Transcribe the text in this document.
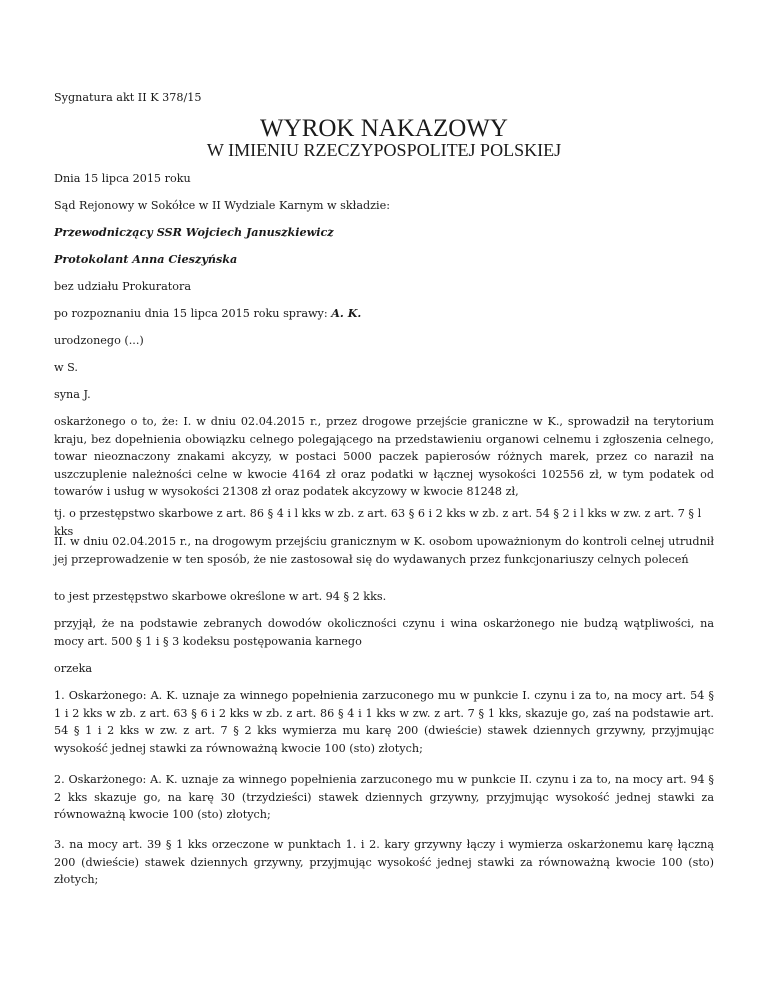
Sygnatura akt II K 378/15
WYROK NAKAZOWY
W IMIENIU RZECZYPOSPOLITEJ POLSKIEJ
Dnia 15 lipca 2015 roku
Sąd Rejonowy w Sokółce w II Wydziale Karnym w składzie:
Przewodniczący SSR Wojciech Januszkiewicz
Protokolant Anna Cieszyńska
bez udziału Prokuratora
po rozpoznaniu dnia 15 lipca 2015 roku sprawy: A. K.
urodzonego (...)
w S.
syna J.
oskarżonego o to, że: I. w dniu 02.04.2015 r., przez drogowe przejście graniczne w K., sprowadził na terytorium kraju, bez dopełnienia obowiązku celnego polegającego na przedstawieniu organowi celnemu i zgłoszenia celnego, towar nieoznaczony znakami akcyzy, w postaci 5000 paczek papierosów różnych marek, przez co naraził na uszczuplenie należności celne w kwocie 4164 zł oraz podatki w łącznej wysokości 102556 zł, w tym podatek od towarów i usług w wysokości 21308 zł oraz podatek akcyzowy w kwocie 81248 zł,
tj. o przestępstwo skarbowe z art. 86 § 4 i l kks w zb. z art. 63 § 6 i 2 kks w zb. z art. 54 § 2 i l kks w zw. z art. 7 § l kks
II. w dniu 02.04.2015 r., na drogowym przejściu granicznym w K. osobom upoważnionym do kontroli celnej utrudnił jej przeprowadzenie w ten sposób, że nie zastosował się do wydawanych przez funkcjonariuszy celnych poleceń
to jest przestępstwo skarbowe określone w art. 94 § 2 kks.
przyjął, że na podstawie zebranych dowodów okoliczności czynu i wina oskarżonego nie budzą wątpliwości, na mocy art. 500 § 1 i § 3 kodeksu postępowania karnego
orzeka
1. Oskarżonego: A. K. uznaje za winnego popełnienia zarzuconego mu w punkcie I. czynu i za to, na mocy art. 54 § 1 i 2 kks w zb. z art. 63 § 6 i 2 kks w zb. z art. 86 § 4 i 1 kks w zw. z art. 7 § 1 kks, skazuje go, zaś na podstawie art. 54 § 1 i 2 kks w zw. z art. 7 § 2 kks wymierza mu karę 200 (dwieście) stawek dziennych grzywny, przyjmując wysokość jednej stawki za równoważną kwocie 100 (sto) złotych;
2. Oskarżonego: A. K. uznaje za winnego popełnienia zarzuconego mu w punkcie II. czynu i za to, na mocy art. 94 § 2 kks skazuje go, na karę 30 (trzydzieści) stawek dziennych grzywny, przyjmując wysokość jednej stawki za równoważną kwocie 100 (sto) złotych;
3. na mocy art. 39 § 1 kks orzeczone w punktach 1. i 2. kary grzywny łączy i wymierza oskarżonemu karę łączną 200 (dwieście) stawek dziennych grzywny, przyjmując wysokość jednej stawki za równoważną kwocie 100 (sto) złotych;
